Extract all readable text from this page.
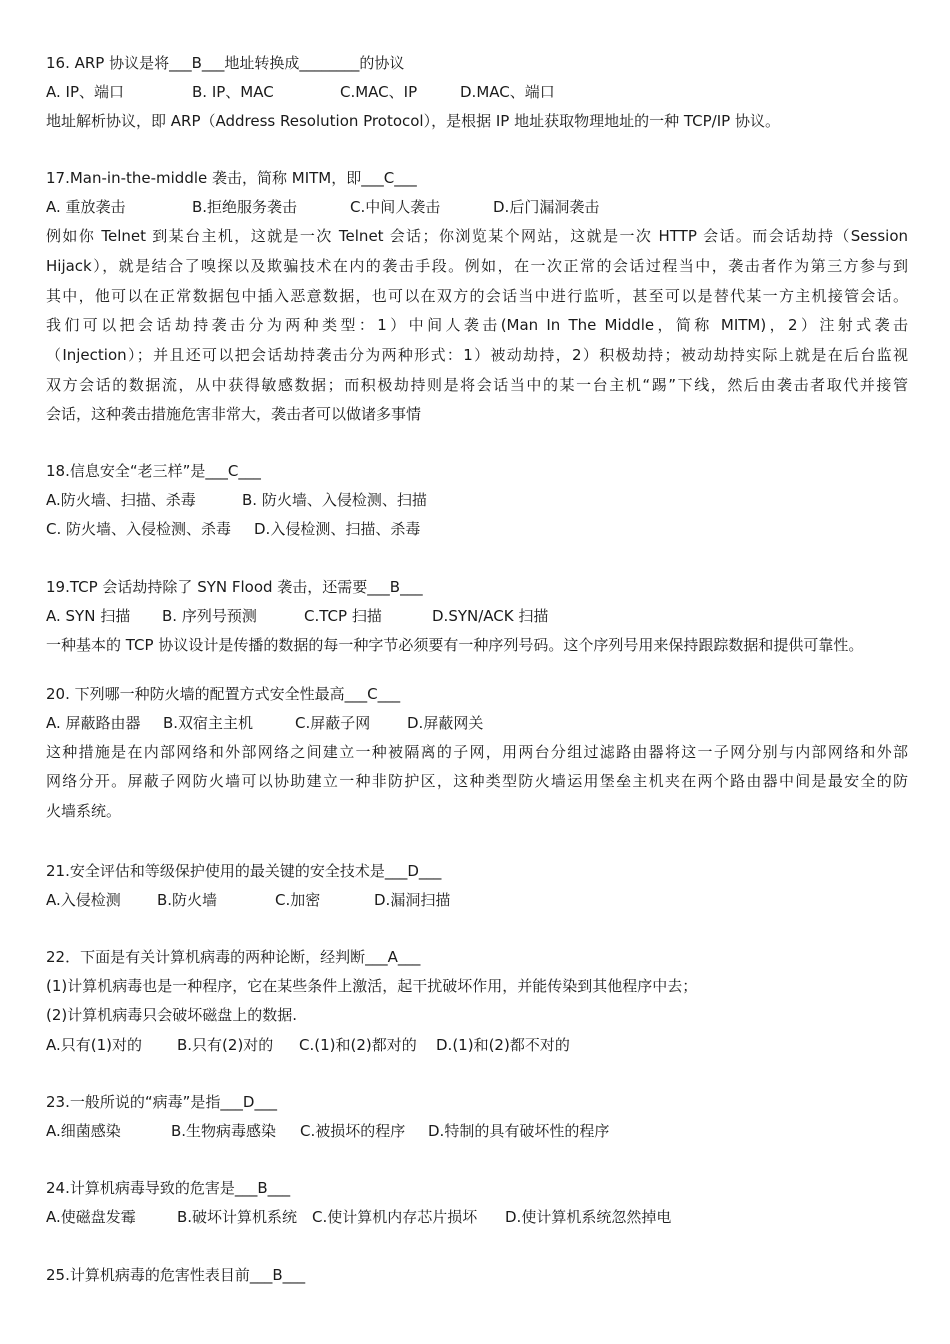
16. ARP 协议是将___B___地址转换成________的协议
A. IP、端口	B. IP、MAC	C.MAC、IP	D.MAC、端口
地址解析协议，即 ARP（Address Resolution Protocol），是根据 IP 地址获取物理地址的一种 TCP/IP 协议。
17.Man-in-the-middle 袭击，简称 MITM，即___C___
A. 重放袭击	B.拒绝服务袭击	C.中间人袭击	D.后门漏洞袭击
例如你 Telnet 到某台主机，这就是一次 Telnet 会话；你浏览某个网站，这就是一次 HTTP 会话。而会话劫持（Session
Hijack），就是结合了嗅探以及欺骗技术在内的袭击手段。例如，在一次正常的会话过程当中，袭击者作为第三方参与到
其中，他可以在正常数据包中插入恶意数据，也可以在双方的会话当中进行监听，甚至可以是替代某一方主机接管会话。
我们可以把会话劫持袭击分为两种类型：1）中间人袭击(Man In The Middle，简称 MITM)，2）注射式袭击
（Injection）；并且还可以把会话劫持袭击分为两种形式：1）被动劫持，2）积极劫持；被动劫持实际上就是在后台监视
双方会话的数据流，从中获得敏感数据；而积极劫持则是将会话当中的某一台主机“踢”下线，然后由袭击者取代并接管
会话，这种袭击措施危害非常大，袭击者可以做诸多事情
18.信息安全“老三样”是___C___
A.防火墙、扫描、杀毒	B. 防火墙、入侵检测、扫描
C. 防火墙、入侵检测、杀毒 D.入侵检测、扫描、杀毒
19.TCP 会话劫持除了 SYN Flood 袭击，还需要___B___
A. SYN 扫描 B. 序列号预测	C.TCP 扫描	D.SYN/ACK 扫描
一种基本的 TCP 协议设计是传播的数据的每一种字节必须要有一种序列号码。这个序列号用来保持跟踪数据和提供可靠性。
20. 下列哪一种防火墙的配置方式安全性最高___C___
A. 屏蔽路由器 B.双宿主主机	C.屏蔽子网 D.屏蔽网关
这种措施是在内部网络和外部网络之间建立一种被隔离的子网，用两台分组过滤路由器将这一子网分别与内部网络和外部
网络分开。屏蔽子网防火墙可以协助建立一种非防护区，这种类型防火墙运用堡垒主机夹在两个路由器中间是最安全的防
火墙系统。
21.安全评估和等级保护使用的最关键的安全技术是___D___
A.入侵检测 B.防火墙	C.加密	D.漏洞扫描
22．下面是有关计算机病毒的两种论断，经判断___A___
(1)计算机病毒也是一种程序，它在某些条件上激活，起干扰破坏作用，并能传染到其他程序中去；
(2)计算机病毒只会破坏磁盘上的数据.
A.只有(1)对的 B.只有(2)对的 C.(1)和(2)都对的 D.(1)和(2)都不对的
23.一般所说的“病毒”是指___D___
A.细菌感染	B.生物病毒感染 C.被损坏的程序 D.特制的具有破坏性的程序
24.计算机病毒导致的危害是___B___
A.使磁盘发霉	B.破坏计算机系统 C.使计算机内存芯片损坏 D.使计算机系统忽然掉电
25.计算机病毒的危害性表目前___B___
